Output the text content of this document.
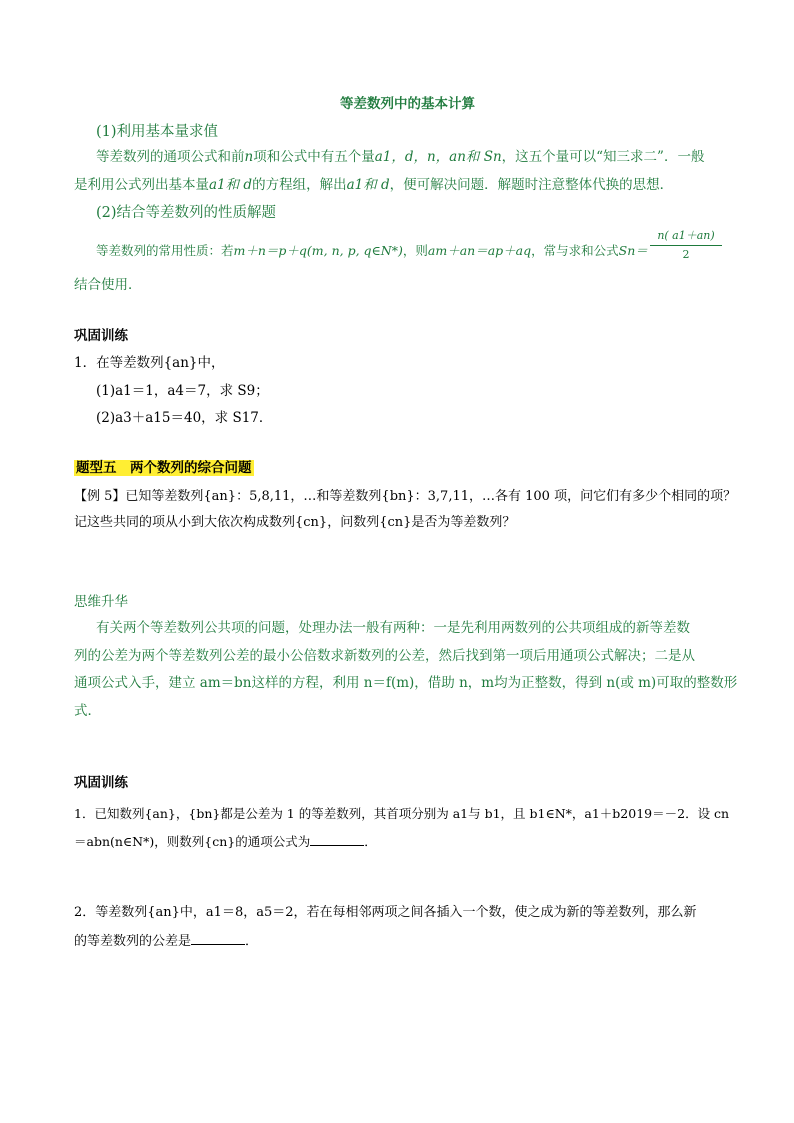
等差数列中的基本计算
(1)利用基本量求值
等差数列的通项公式和前n项和公式中有五个量a1，d，n，an和 Sn，这五个量可以“知三求二”．一般
是利用公式列出基本量a1和 d的方程组，解出a1和 d，便可解决问题．解题时注意整体代换的思想．
(2)结合等差数列的性质解题
等差数列的常用性质：若m＋n＝p＋q(m, n, p, q∈N*)，则am＋an＝ap＋aq，常与求和公式Sn＝
n( a1＋an)
2
结合使用．
巩固训练
1．在等差数列{an}中，
(1)a1＝1，a4＝7，求 S9；
(2)a3＋a15＝40，求 S17．
题型五　两个数列的综合问题
【例 5】已知等差数列{an}：5,8,11，…和等差数列{bn}：3,7,11，…各有 100 项，问它们有多少个相同的项？
记这些共同的项从小到大依次构成数列{cn}，问数列{cn}是否为等差数列？
思维升华
有关两个等差数列公共项的问题，处理办法一般有两种：一是先利用两数列的公共项组成的新等差数
列的公差为两个等差数列公差的最小公倍数求新数列的公差，然后找到第一项后用通项公式解决；二是从
通项公式入手，建立 am＝bn这样的方程，利用 n＝f(m)，借助 n，m均为正整数，得到 n(或 m)可取的整数形
式．
巩固训练
1．已知数列{an}，{bn}都是公差为 1 的等差数列，其首项分别为 a1与 b1，且 b1∈N*，a1＋b2019＝－2．设 cn
＝abn(n∈N*)，则数列{cn}的通项公式为	．
2．等差数列{an}中，a1＝8，a5＝2，若在每相邻两项之间各插入一个数，使之成为新的等差数列，那么新
的等差数列的公差是	．
